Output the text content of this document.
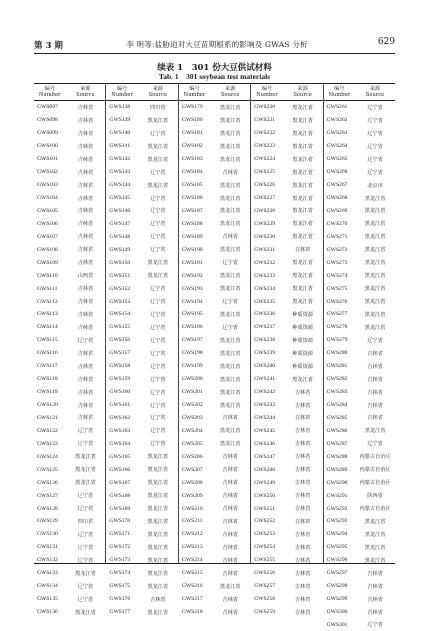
第 3 期	李 明等:盐胁迫对大豆苗期根系的影响及 GWAS 分析	629
续表 1　301 份大豆供试材料
Tab. 1　301 soybean test materials
编号
Number
来源
Source
GWS097	吉林省
GWS098	吉林省
GWS099	吉林省
GWS100	吉林省
GWS101	吉林省
GWS102	吉林省
GWS103	吉林省
GWS104	吉林省
GWS105	吉林省
GWS106	吉林省
GWS107	吉林省
GWS108	吉林省
GWS109	吉林省
GWS110	山西省
GWS111	吉林省
GWS112	吉林省
GWS113	吉林省
GWS114	吉林省
GWS115	辽宁省
GWS116	吉林省
GWS117	吉林省
GWS118	吉林省
GWS119	吉林省
GWS120	吉林省
GWS121	吉林省
GWS122	辽宁省
GWS123	辽宁省
GWS124	黑龙江省
GWS125	黑龙江省
GWS126	黑龙江省
GWS127	辽宁省
GWS128	辽宁省
GWS129	四川省
GWS130	辽宁省
GWS131	辽宁省
GWS132	辽宁省
GWS133	黑龙江省
GWS134	辽宁省
GWS135	辽宁省
GWS136	黑龙江省
编号
Number
来源
Source
GWS138	四川省
GWS139	黑龙江省
GWS140	辽宁省
GWS141	黑龙江省
GWS142	黑龙江省
GWS143	辽宁省
GWS144	黑龙江省
GWS145	辽宁省
GWS146	辽宁省
GWS147	辽宁省
GWS148	辽宁省
GWS149	辽宁省
GWS150	黑龙江省
GWS151	黑龙江省
GWS152	辽宁省
GWS153	辽宁省
GWS154	辽宁省
GWS155	辽宁省
GWS156	辽宁省
GWS157	辽宁省
GWS158	辽宁省
GWS159	辽宁省
GWS160	辽宁省
GWS161	辽宁省
GWS162	辽宁省
GWS163	辽宁省
GWS164	辽宁省
GWS165	黑龙江省
GWS166	黑龙江省
GWS167	黑龙江省
GWS168	黑龙江省
GWS169	黑龙江省
GWS170	黑龙江省
GWS171	黑龙江省
GWS172	黑龙江省
GWS173	黑龙江省
GWS174	黑龙江省
GWS175	黑龙江省
GWS176	吉林省
GWS177	黑龙江省
编号
Number
来源
Source
GWS179	黑龙江省
GWS180	黑龙江省
GWS181	黑龙江省
GWS182	黑龙江省
GWS183	黑龙江省
GWS184	吉林省
GWS185	黑龙江省
GWS186	黑龙江省
GWS187	黑龙江省
GWS188	黑龙江省
GWS189	吉林省
GWS190	黑龙江省
GWS191	辽宁省
GWS192	黑龙江省
GWS193	黑龙江省
GWS194	辽宁省
GWS195	黑龙江省
GWS196	辽宁省
GWS197	黑龙江省
GWS198	黑龙江省
GWS199	黑龙江省
GWS200	黑龙江省
GWS201	黑龙江省
GWS202	黑龙江省
GWS203	吉林省
GWS204	黑龙江省
GWS205	黑龙江省
GWS206	吉林省
GWS207	吉林省
GWS208	吉林省
GWS209	吉林省
GWS210	吉林省
GWS211	吉林省
GWS212	吉林省
GWS213	吉林省
GWS214	吉林省
GWS215	吉林省
GWS216	黑龙江省
GWS217	吉林省
GWS218	吉林省
编号
Number
来源
Source
GWS220	黑龙江省
GWS221	黑龙江省
GWS222	黑龙江省
GWS223	黑龙江省
GWS224	黑龙江省
GWS225	黑龙江省
GWS226	黑龙江省
GWS227	黑龙江省
GWS228	黑龙江省
GWS229	黑龙江省
GWS230	黑龙江省
GWS231	吉林省
GWS232	黑龙江省
GWS233	黑龙江省
GWS234	黑龙江省
GWS235	黑龙江省
GWS236	种质资源
GWS237	种质资源
GWS238	种质资源
GWS239	种质资源
GWS240	种质资源
GWS241	黑龙江省
GWS242	吉林省
GWS243	吉林省
GWS244	吉林省
GWS245	吉林省
GWS246	吉林省
GWS247	吉林省
GWS248	吉林省
GWS249	吉林省
GWS250	吉林省
GWS251	吉林省
GWS252	吉林省
GWS253	吉林省
GWS254	吉林省
GWS255	吉林省
GWS256	吉林省
GWS257	吉林省
GWS258	吉林省
GWS259	吉林省
编号
Number
来源
Source
GWS261	辽宁省
GWS262	辽宁省
GWS263	辽宁省
GWS264	辽宁省
GWS265	辽宁省
GWS266	辽宁省
GWS267	北京市
GWS268	黑龙江省
GWS269	黑龙江省
GWS270	黑龙江省
GWS271	黑龙江省
GWS272	黑龙江省
GWS273	黑龙江省
GWS274	黑龙江省
GWS275	黑龙江省
GWS276	黑龙江省
GWS277	黑龙江省
GWS278	黑龙江省
GWS279	辽宁省
GWS280	吉林省
GWS281	吉林省
GWS282	吉林省
GWS283	吉林省
GWS284	吉林省
GWS285	吉林省
GWS286	黑龙江省
GWS287	辽宁省
GWS288	内蒙古自治区
GWS289	内蒙古自治区
GWS290	内蒙古自治区
GWS291	陕西省
GWS292	内蒙古自治区
GWS293	黑龙江省
GWS294	黑龙江省
GWS295	黑龙江省
GWS296	黑龙江省
GWS297	吉林省
GWS298	吉林省
GWS299	吉林省
GWS300	吉林省
GWS301	辽宁省
